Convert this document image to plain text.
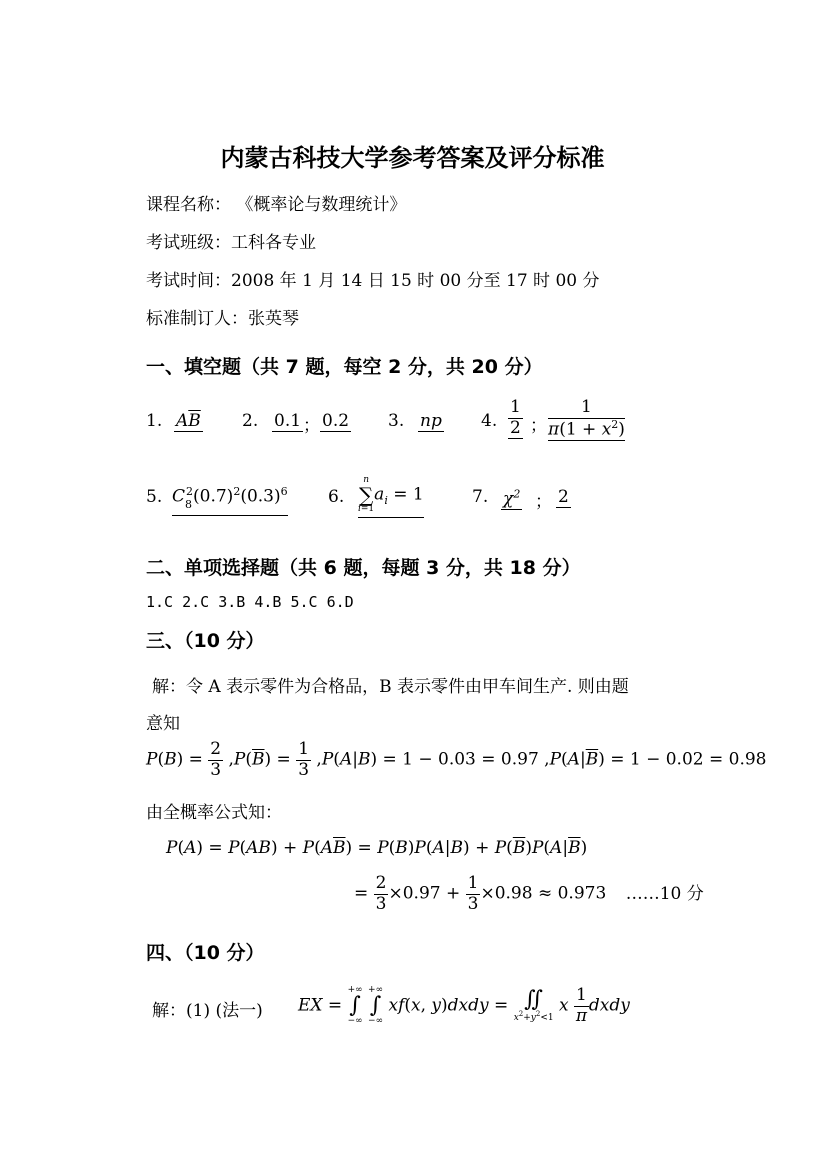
内蒙古科技大学参考答案及评分标准
课程名称： 《概率论与数理统计》
考试班级：工科各专业
考试时间：2008 年 1 月 14 日 15 时 00 分至 17 时 00 分
标准制订人：张英琴
一、填空题（共 7 题，每空 2 分，共 20 分）
1. $A\overline{B}$ 2. 0.1 ； 0.2 3. np 4. $\frac{1}{2}$ ； $\frac{1}{\pi(1 + x^2)}$
5. $C_8^2(0.7)^2(0.3)^6$ 6.
n
∑
i=1
$a_i = 1$	7. $\chi^2$ ； 2
二、单项选择题（共 6 题，每题 3 分，共 18 分）
1.C 2.C 3.B 4.B 5.C 6.D
三、（10 分）
解：令 A 表示零件为合格品，B 表示零件由甲车间生产. 则由题
意知
$P(B) = \frac{2}{3} ,P(\overline{B}) = \frac{1}{3} ,P(A|B) = 1 - 0.03 = 0.97$ $,P(A|\overline{B}) = 1 - 0.02 = 0.98$
由全概率公式知：
$P(A) = P(AB) + P(A\overline{B}) = P(B)P(A|B) + P(\overline{B})P(A|\overline{B})$
= $\frac{2}{3} \times 0.97 + \frac{1}{3} \times 0.98 \approx 0.973$ ……10 分
四、（10 分）
解：(1) (法一) EX =
+∞
∫
−∞

+∞
∫
−∞
xf(x, y)dxdy = ∬
$x^2+y^2<1$
x $\frac{1}{\pi}$ dxdy
